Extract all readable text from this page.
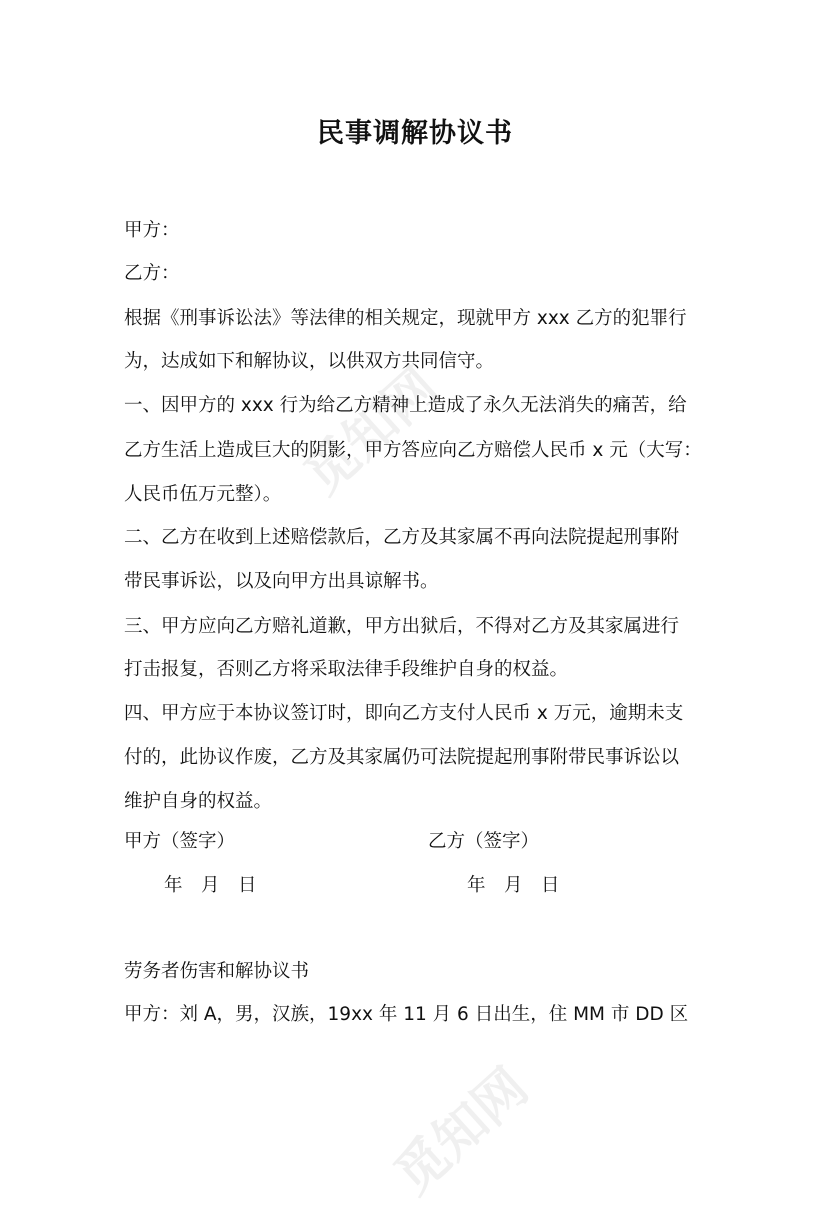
觅知网
觅知网
民事调解协议书
甲方：
乙方：
根据《刑事诉讼法》等法律的相关规定，现就甲方 xxx 乙方的犯罪行
为，达成如下和解协议，以供双方共同信守。
一、因甲方的 xxx 行为给乙方精神上造成了永久无法消失的痛苦，给
乙方生活上造成巨大的阴影，甲方答应向乙方赔偿人民币 x 元（大写：
人民币伍万元整）。
二、乙方在收到上述赔偿款后，乙方及其家属不再向法院提起刑事附
带民事诉讼，以及向甲方出具谅解书。
三、甲方应向乙方赔礼道歉，甲方出狱后，不得对乙方及其家属进行
打击报复，否则乙方将采取法律手段维护自身的权益。
四、甲方应于本协议签订时，即向乙方支付人民币 x 万元，逾期未支
付的，此协议作废，乙方及其家属仍可法院提起刑事附带民事诉讼以
维护自身的权益。
甲方（签字）	乙方（签字）
年　月　日	年　月　日
劳务者伤害和解协议书
甲方：刘 A，男，汉族，19xx 年 11 月 6 日出生，住 MM 市 DD 区
